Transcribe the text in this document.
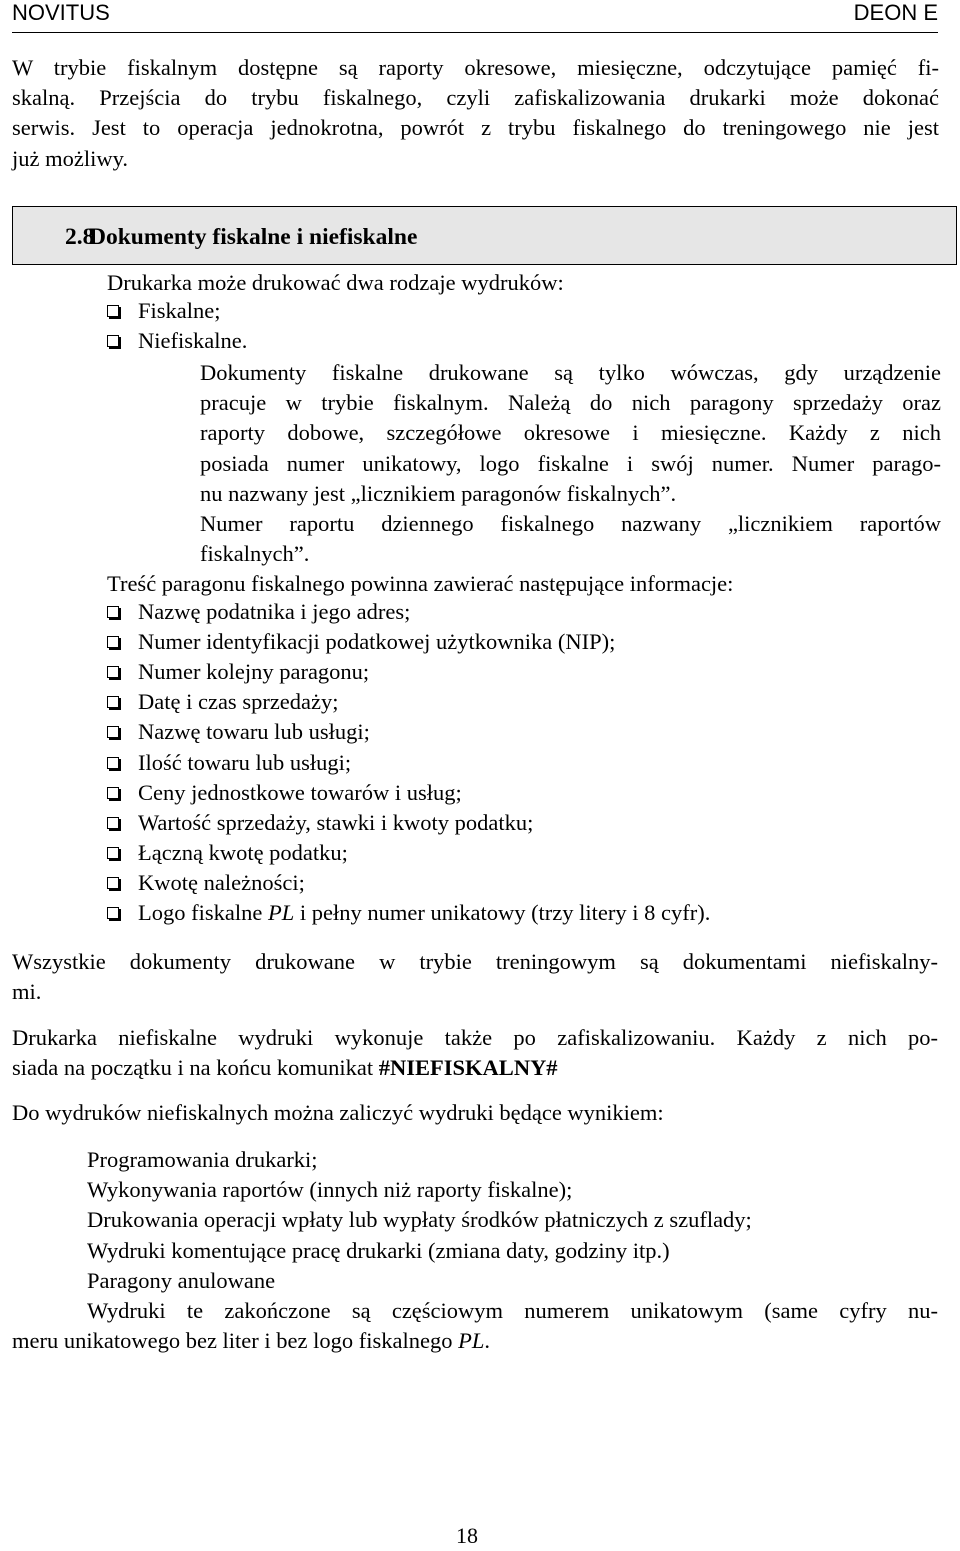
NOVITUS	DEON E
W trybie fiskalnym dostępne są raporty okresowe, miesięczne, odczytujące pamięć fi-
skalną. Przejścia do trybu fiskalnego, czyli zafiskalizowania drukarki może dokonać
serwis. Jest to operacja jednokrotna, powrót z trybu fiskalnego do treningowego nie jest
już możliwy.
2.8
Dokumenty fiskalne i niefiskalne
Drukarka może drukować dwa rodzaje wydruków:
Fiskalne;
Niefiskalne.
Dokumenty fiskalne drukowane są tylko wówczas, gdy urządzenie
pracuje w trybie fiskalnym. Należą do nich paragony sprzedaży oraz
raporty dobowe, szczegółowe okresowe i miesięczne. Każdy z nich
posiada numer unikatowy, logo fiskalne i swój numer. Numer parago-
nu nazwany jest „licznikiem paragonów fiskalnych”.
Numer raportu dziennego fiskalnego nazwany „licznikiem raportów
fiskalnych”.
Treść paragonu fiskalnego powinna zawierać następujące informacje:
Nazwę podatnika i jego adres;
Numer identyfikacji podatkowej użytkownika (NIP);
Numer kolejny paragonu;
Datę i czas sprzedaży;
Nazwę towaru lub usługi;
Ilość towaru lub usługi;
Ceny jednostkowe towarów i usług;
Wartość sprzedaży, stawki i kwoty podatku;
Łączną kwotę podatku;
Kwotę należności;
Logo fiskalne PL i pełny numer unikatowy (trzy litery i 8 cyfr).
Wszystkie dokumenty drukowane w trybie treningowym są dokumentami niefiskalny-
mi.
Drukarka niefiskalne wydruki wykonuje także po zafiskalizowaniu. Każdy z nich po-
siada na początku i na końcu komunikat #NIEFISKALNY#
Do wydruków niefiskalnych można zaliczyć wydruki będące wynikiem:
Programowania drukarki;
Wykonywania raportów (innych niż raporty fiskalne);
Drukowania operacji wpłaty lub wypłaty środków płatniczych z szuflady;
Wydruki komentujące pracę drukarki (zmiana daty, godziny itp.)
Paragony anulowane
Wydruki te zakończone są częściowym numerem unikatowym (same cyfry nu-
meru unikatowego bez liter i bez logo fiskalnego PL.
18
